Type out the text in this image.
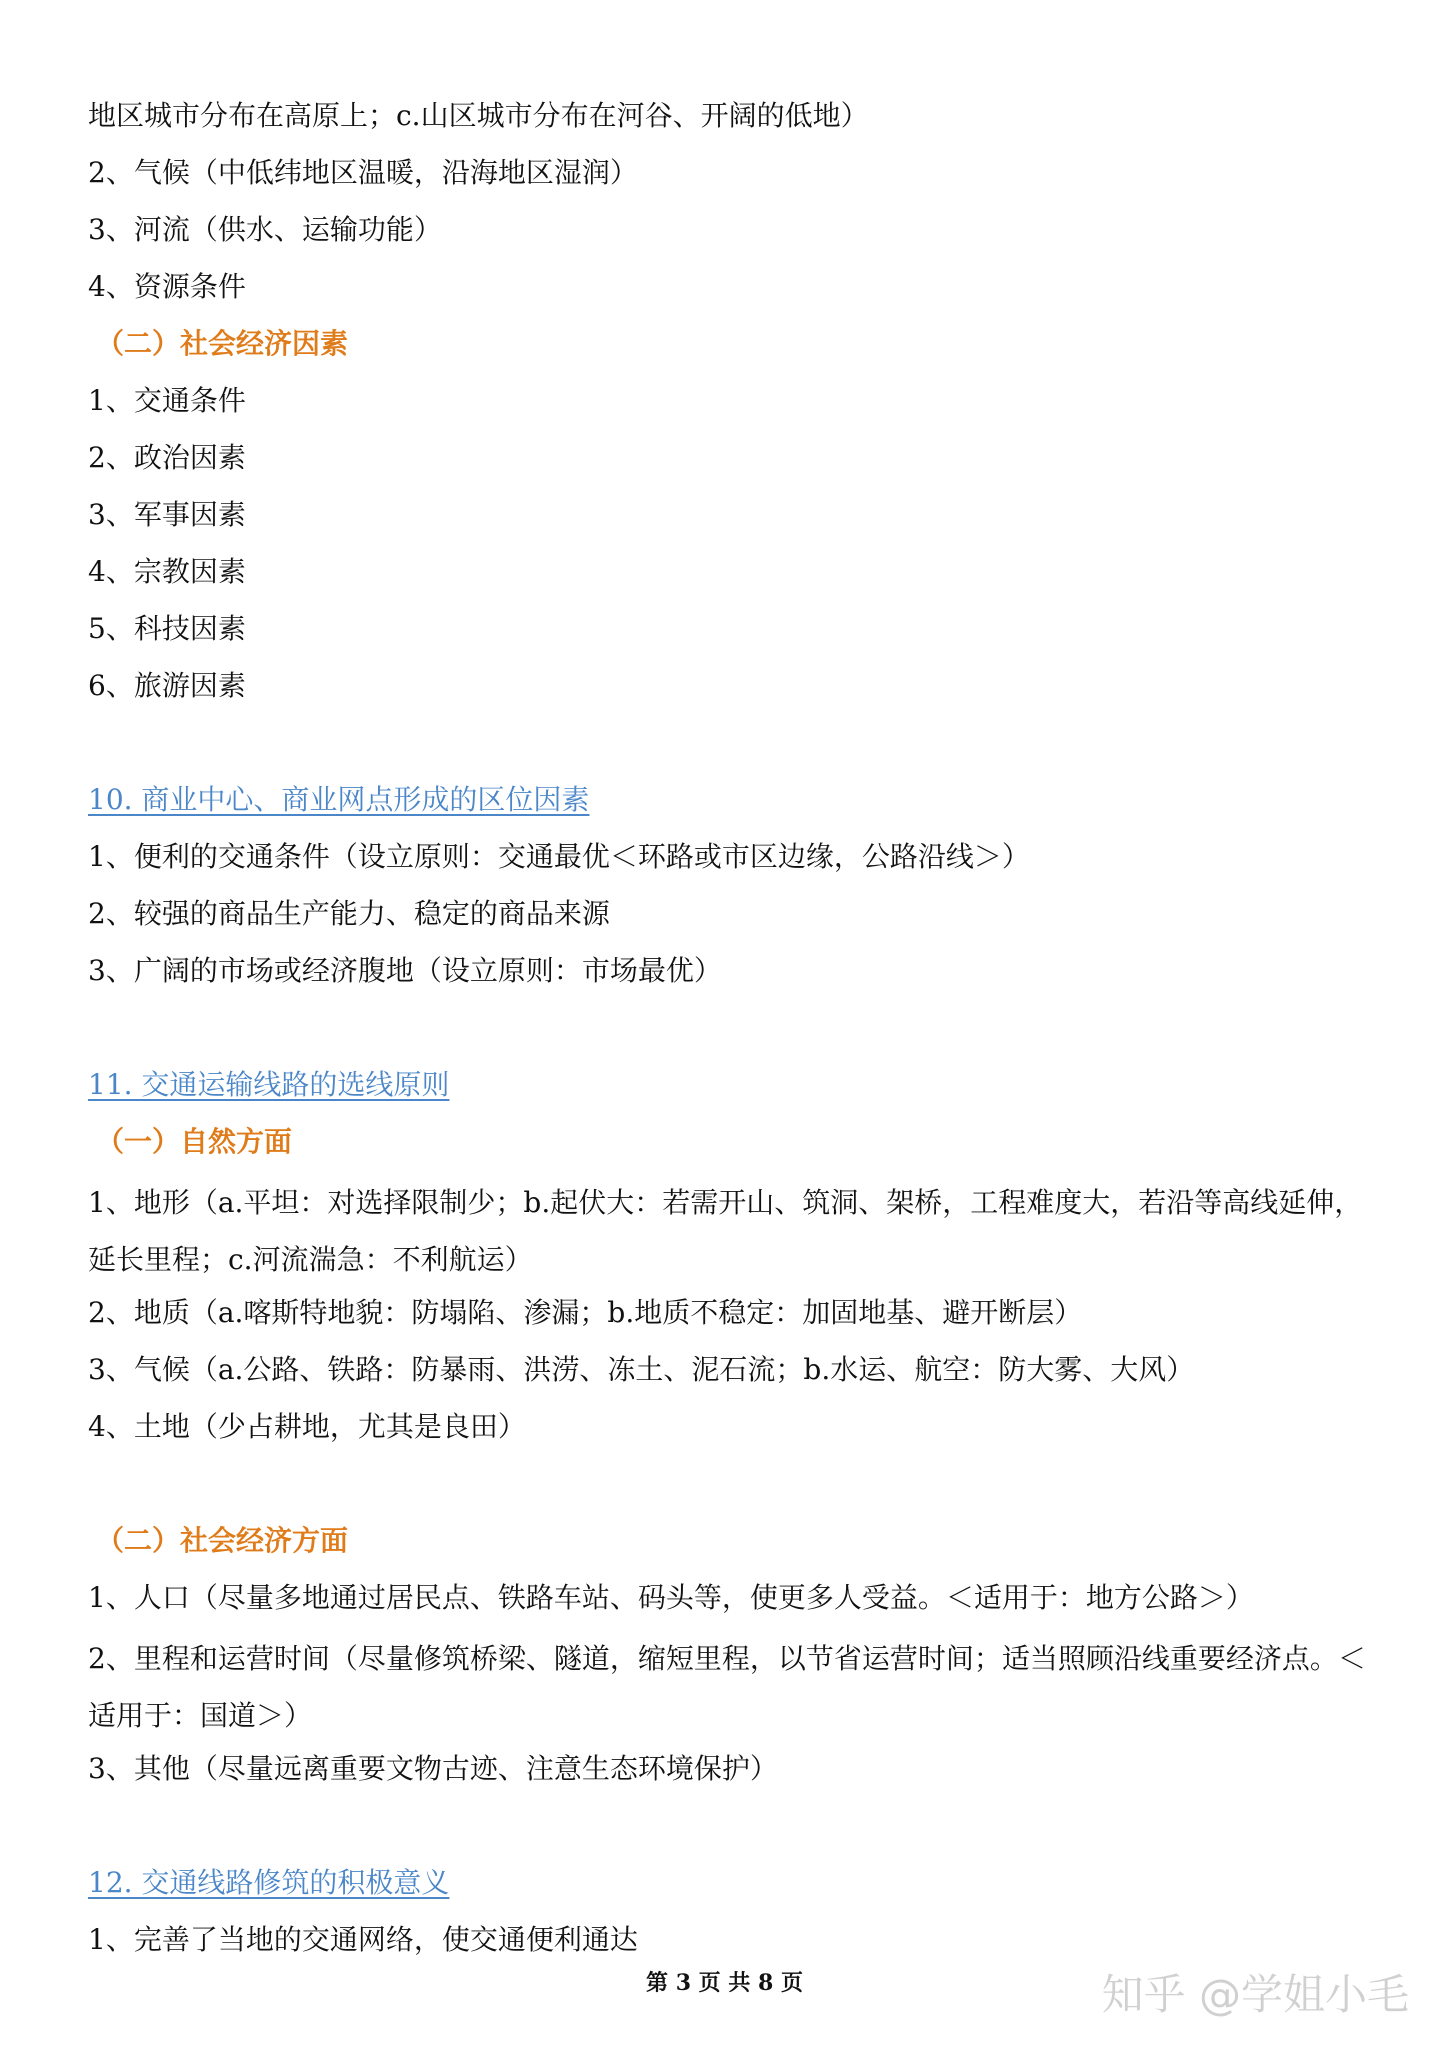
地区城市分布在高原上；c.山区城市分布在河谷、开阔的低地）

2、气候（中低纬地区温暖，沿海地区湿润）

3、河流（供水、运输功能）

4、资源条件

（二）社会经济因素

1、交通条件

2、政治因素

3、军事因素

4、宗教因素

5、科技因素

6、旅游因素

10. 商业中心、商业网点形成的区位因素

1、便利的交通条件（设立原则：交通最优＜环路或市区边缘，公路沿线＞）

2、较强的商品生产能力、稳定的商品来源

3、广阔的市场或经济腹地（设立原则：市场最优）

11. 交通运输线路的选线原则

（一）自然方面

1、地形（a.平坦：对选择限制少；b.起伏大：若需开山、筑洞、架桥，工程难度大，若沿等高线延伸，延长里程；c.河流湍急：不利航运）

2、地质（a.喀斯特地貌：防塌陷、渗漏；b.地质不稳定：加固地基、避开断层）

3、气候（a.公路、铁路：防暴雨、洪涝、冻土、泥石流；b.水运、航空：防大雾、大风）

4、土地（少占耕地，尤其是良田）

（二）社会经济方面

1、人口（尽量多地通过居民点、铁路车站、码头等，使更多人受益。＜适用于：地方公路＞）

2、里程和运营时间（尽量修筑桥梁、隧道，缩短里程，以节省运营时间；适当照顾沿线重要经济点。＜适用于：国道＞）

3、其他（尽量远离重要文物古迹、注意生态环境保护）

12. 交通线路修筑的积极意义

1、完善了当地的交通网络，使交通便利通达

第 3 页 共 8 页	知乎 @学姐小毛
